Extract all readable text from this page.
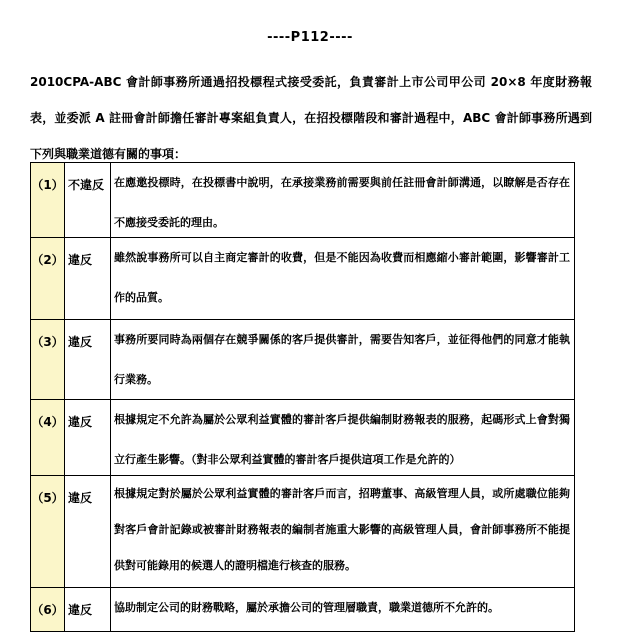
----P112----
2010CPA-ABC 會計師事務所通過招投標程式接受委託，負責審計上市公司甲公司 20×8 年度財務報表，並委派 A 註冊會計師擔任審計專案組負責人，在招投標階段和審計過程中，ABC 會計師事務所遇到下列與職業道德有關的事項：
（1） 不違反 在應邀投標時，在投標書中說明，在承接業務前需要與前任註冊會計師溝通，以瞭解是否存在不應接受委託的理由。
（2） 違反	雖然說事務所可以自主商定審計的收費，但是不能因為收費而相應縮小審計範圍，影響審計工作的品質。
（3） 違反	事務所要同時為兩個存在競爭關係的客戶提供審計，需要告知客戶，並征得他們的同意才能執行業務。
（4） 違反	根據規定不允許為屬於公眾利益實體的審計客戶提供編制財務報表的服務，起碼形式上會對獨立行產生影響。（對非公眾利益實體的審計客戶提供這項工作是允許的）
（5） 違反	根據規定對於屬於公眾利益實體的審計客戶而言，招聘董事、高級管理人員，或所處職位能夠對客戶會計記錄或被審計財務報表的編制者施重大影響的高級管理人員，會計師事務所不能提供對可能錄用的候選人的證明檔進行核查的服務。
（6） 違反	協助制定公司的財務戰略，屬於承擔公司的管理層職責，職業道德所不允許的。
